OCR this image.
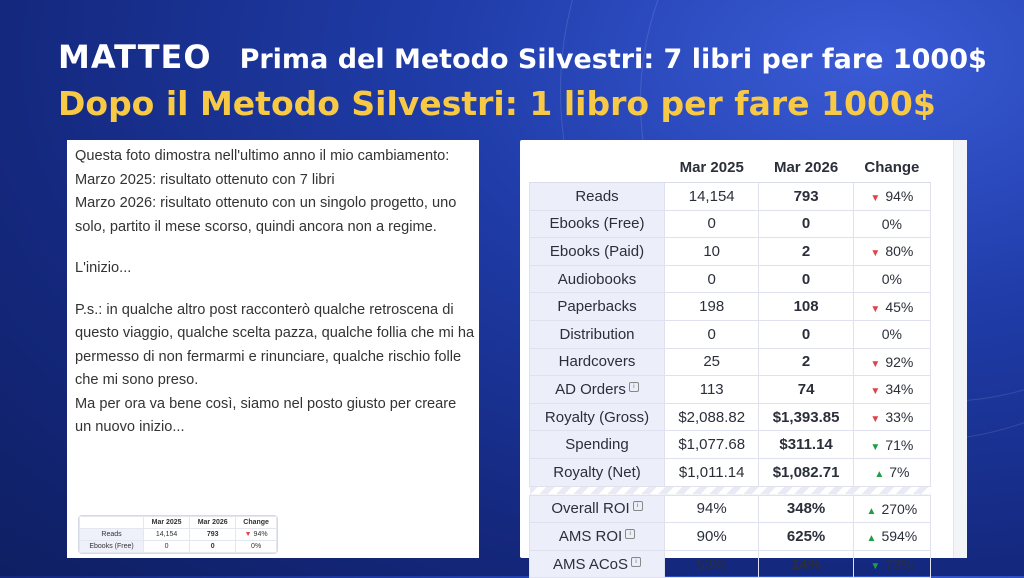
MATTEO Prima del Metodo Silvestri: 7 libri per fare 1000$
Dopo il Metodo Silvestri: 1 libro per fare 1000$

Questa foto dimostra nell'ultimo anno il mio cambiamento:

Marzo 2025: risultato ottenuto con 7 libri

Marzo 2026: risultato ottenuto con un singolo progetto, uno solo, partito il mese scorso, quindi ancora non a regime.

L'inizio...

P.s.: in qualche altro post racconterò qualche retroscena di questo viaggio, qualche scelta pazza, qualche follia che mi ha permesso di non fermarmi e rinunciare, qualche rischio folle che mi sono preso.

Ma per ora va bene così, siamo nel posto giusto per creare un nuovo inizio...

	Mar 2025	Mar 2026	Change
Reads	14,154	793	▼ 94%
Ebooks (Free)	0	0	0%
	Mar 2025	Mar 2026	Change
Reads	14,154	793	▼ 94%
Ebooks (Free)	0	0	0%
Ebooks (Paid)	10	2	▼ 80%
Audiobooks	0	0	0%
Paperbacks	198	108	▼ 45%
Distribution	0	0	0%
Hardcovers	25	2	▼ 92%
AD Orders i	113	74	▼ 34%
Royalty (Gross)	$2,088.82	$1,393.85	▼ 33%
Spending	$1,077.68	$311.14	▼ 71%
Royalty (Net)	$1,011.14	$1,082.71	▲ 7%

Overall ROI i	94%	348%	▲ 270%
AMS ROI i	90%	625%	▲ 594%
AMS ACoS i	53%	14%	▼ 73%
